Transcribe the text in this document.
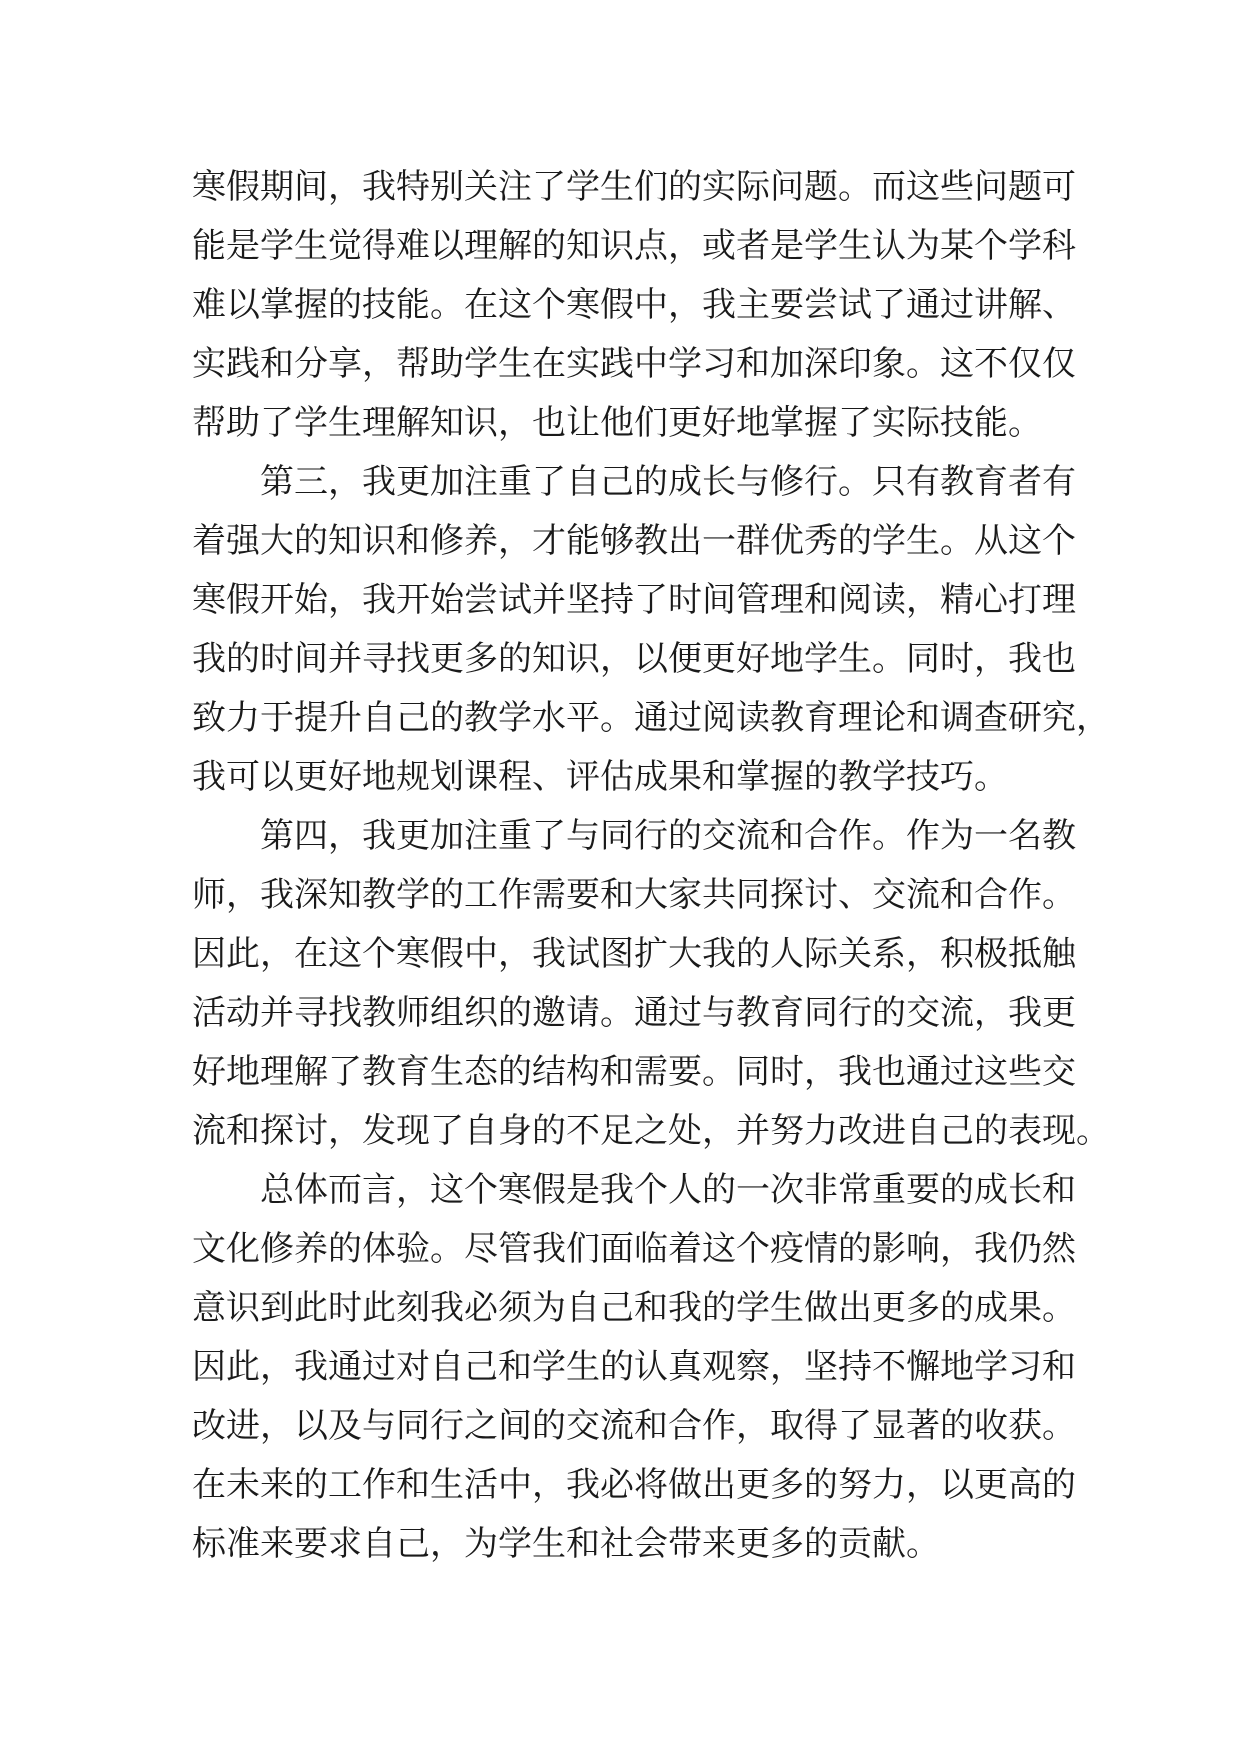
寒假期间，我特别关注了学生们的实际问题。而这些问题可
能是学生觉得难以理解的知识点，或者是学生认为某个学科
难以掌握的技能。在这个寒假中，我主要尝试了通过讲解、
实践和分享，帮助学生在实践中学习和加深印象。这不仅仅
帮助了学生理解知识，也让他们更好地掌握了实际技能。
第三，我更加注重了自己的成长与修行。只有教育者有
着强大的知识和修养，才能够教出一群优秀的学生。从这个
寒假开始，我开始尝试并坚持了时间管理和阅读，精心打理
我的时间并寻找更多的知识，以便更好地学生。同时，我也
致力于提升自己的教学水平。通过阅读教育理论和调查研究，
我可以更好地规划课程、评估成果和掌握的教学技巧。
第四，我更加注重了与同行的交流和合作。作为一名教
师，我深知教学的工作需要和大家共同探讨、交流和合作。
因此，在这个寒假中，我试图扩大我的人际关系，积极抵触
活动并寻找教师组织的邀请。通过与教育同行的交流，我更
好地理解了教育生态的结构和需要。同时，我也通过这些交
流和探讨，发现了自身的不足之处，并努力改进自己的表现。
总体而言，这个寒假是我个人的一次非常重要的成长和
文化修养的体验。尽管我们面临着这个疫情的影响，我仍然
意识到此时此刻我必须为自己和我的学生做出更多的成果。
因此，我通过对自己和学生的认真观察，坚持不懈地学习和
改进，以及与同行之间的交流和合作，取得了显著的收获。
在未来的工作和生活中，我必将做出更多的努力，以更高的
标准来要求自己，为学生和社会带来更多的贡献。
